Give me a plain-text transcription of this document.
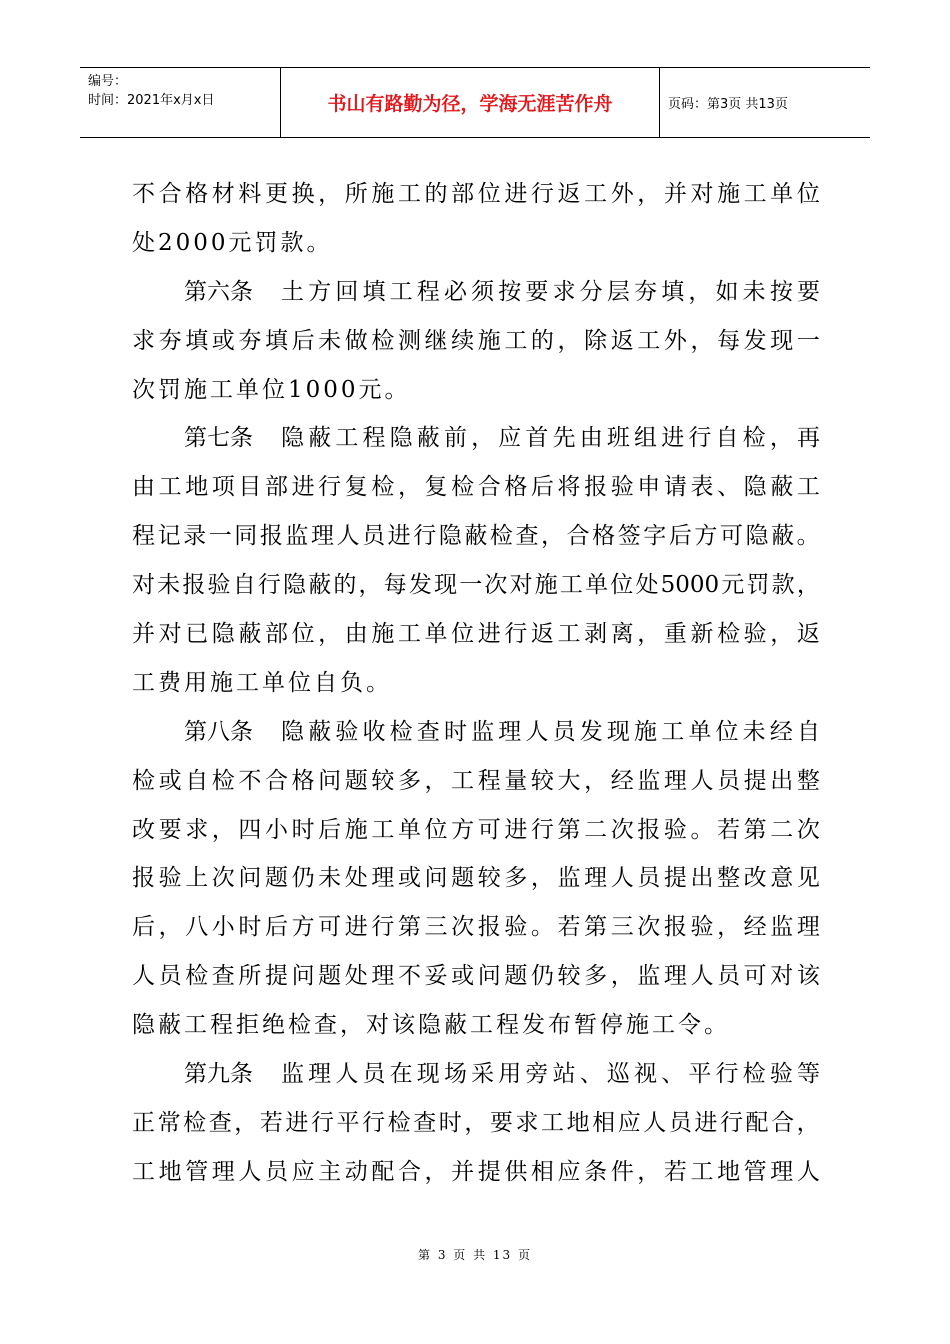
编号：
时间：2021年x月x日	书山有路勤为径，学海无涯苦作舟	页码：第3页 共13页
不 合 格 材 料 更 换 ， 所 施 工 的 部 位 进 行 返 工 外 ， 并 对 施 工 单 位
处2000元罚款。
第六条 土 方 回 填 工 程 必 须 按 要 求 分 层 夯 填 ， 如 未 按 要
求 夯 填 或 夯 填 后 未 做 检 测 继 续 施 工 的 ， 除 返 工 外 ， 每 发 现 一
次罚施工单位1000元。
第七条 隐 蔽 工 程 隐 蔽 前 ， 应 首 先 由 班 组 进 行 自 检 ， 再
由 工 地 项 目 部 进 行 复 检 ， 复 检 合 格 后 将 报 验 申 请 表 、 隐 蔽 工
程 记 录 一 同 报 监 理 人 员 进 行 隐 蔽 检 查 ， 合 格 签 字 后 方 可 隐 蔽 。
对 未 报 验 自 行 隐 蔽 的 ， 每 发 现 一 次 对 施 工 单 位 处 5000 元 罚 款 ，
并 对 已 隐 蔽 部 位 ， 由 施 工 单 位 进 行 返 工 剥 离 ， 重 新 检 验 ， 返
工费用施工单位自负。
第八条 隐 蔽 验 收 检 查 时 监 理 人 员 发 现 施 工 单 位 未 经 自
检 或 自 检 不 合 格 问 题 较 多 ， 工 程 量 较 大 ， 经 监 理 人 员 提 出 整
改 要 求 ， 四 小 时 后 施 工 单 位 方 可 进 行 第 二 次 报 验 。 若 第 二 次
报 验 上 次 问 题 仍 未 处 理 或 问 题 较 多 ， 监 理 人 员 提 出 整 改 意 见
后 ， 八 小 时 后 方 可 进 行 第 三 次 报 验 。 若 第 三 次 报 验 ， 经 监 理
人 员 检 查 所 提 问 题 处 理 不 妥 或 问 题 仍 较 多 ， 监 理 人 员 可 对 该
隐蔽工程拒绝检查，对该隐蔽工程发布暂停施工令。
第九条 监 理 人 员 在 现 场 采 用 旁 站 、 巡 视 、 平 行 检 验 等
正 常 检 查 ， 若 进 行 平 行 检 查 时 ， 要 求 工 地 相 应 人 员 进 行 配 合 ，
工 地 管 理 人 员 应 主 动 配 合 ， 并 提 供 相 应 条 件 ， 若 工 地 管 理 人
第 3 页 共 13 页
